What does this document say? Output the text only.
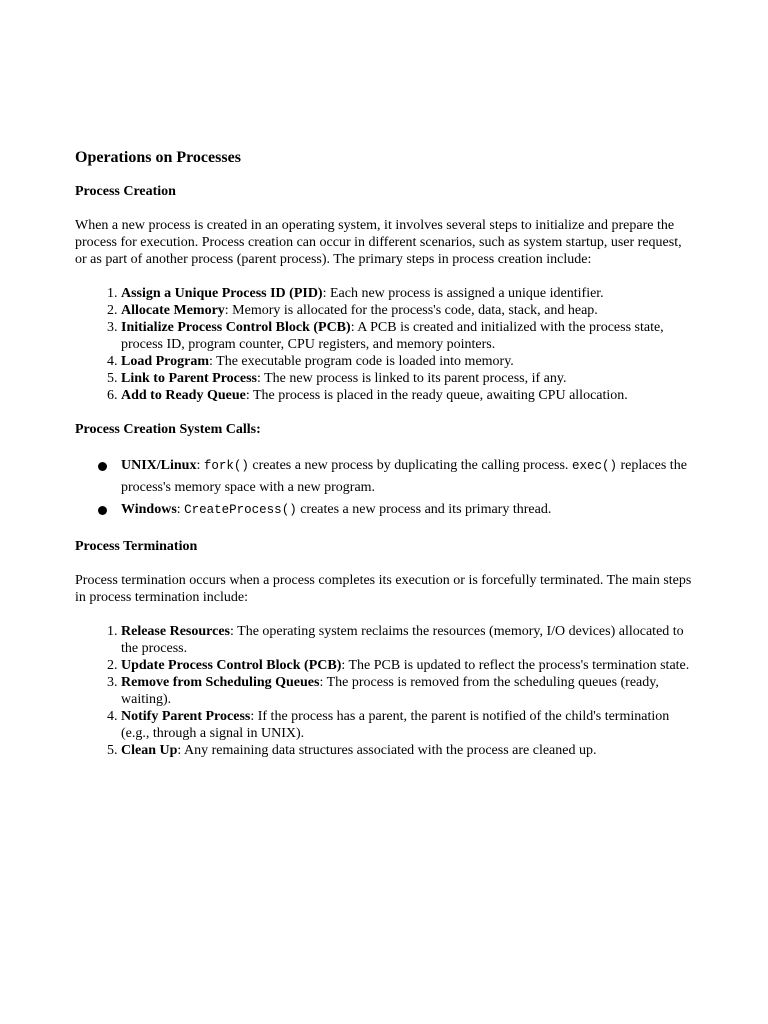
Operations on Processes
Process Creation

When a new process is created in an operating system, it involves several steps to initialize and prepare the process for execution. Process creation can occur in different scenarios, such as system startup, user request, or as part of another process (parent process). The primary steps in process creation include:

1. Assign a Unique Process ID (PID): Each new process is assigned a unique identifier.
2. Allocate Memory: Memory is allocated for the process's code, data, stack, and heap.
3. Initialize Process Control Block (PCB): A PCB is created and initialized with the process state, process ID, program counter, CPU registers, and memory pointers.
4. Load Program: The executable program code is loaded into memory.
5. Link to Parent Process: The new process is linked to its parent process, if any.
6. Add to Ready Queue: The process is placed in the ready queue, awaiting CPU allocation.
Process Creation System Calls:
UNIX/Linux: fork() creates a new process by duplicating the calling process. exec() replaces the process's memory space with a new program.
Windows: CreateProcess() creates a new process and its primary thread.
Process Termination

Process termination occurs when a process completes its execution or is forcefully terminated. The main steps in process termination include:

1. Release Resources: The operating system reclaims the resources (memory, I/O devices) allocated to the process.
2. Update Process Control Block (PCB): The PCB is updated to reflect the process's termination state.
3. Remove from Scheduling Queues: The process is removed from the scheduling queues (ready, waiting).
4. Notify Parent Process: If the process has a parent, the parent is notified of the child's termination (e.g., through a signal in UNIX).
5. Clean Up: Any remaining data structures associated with the process are cleaned up.
